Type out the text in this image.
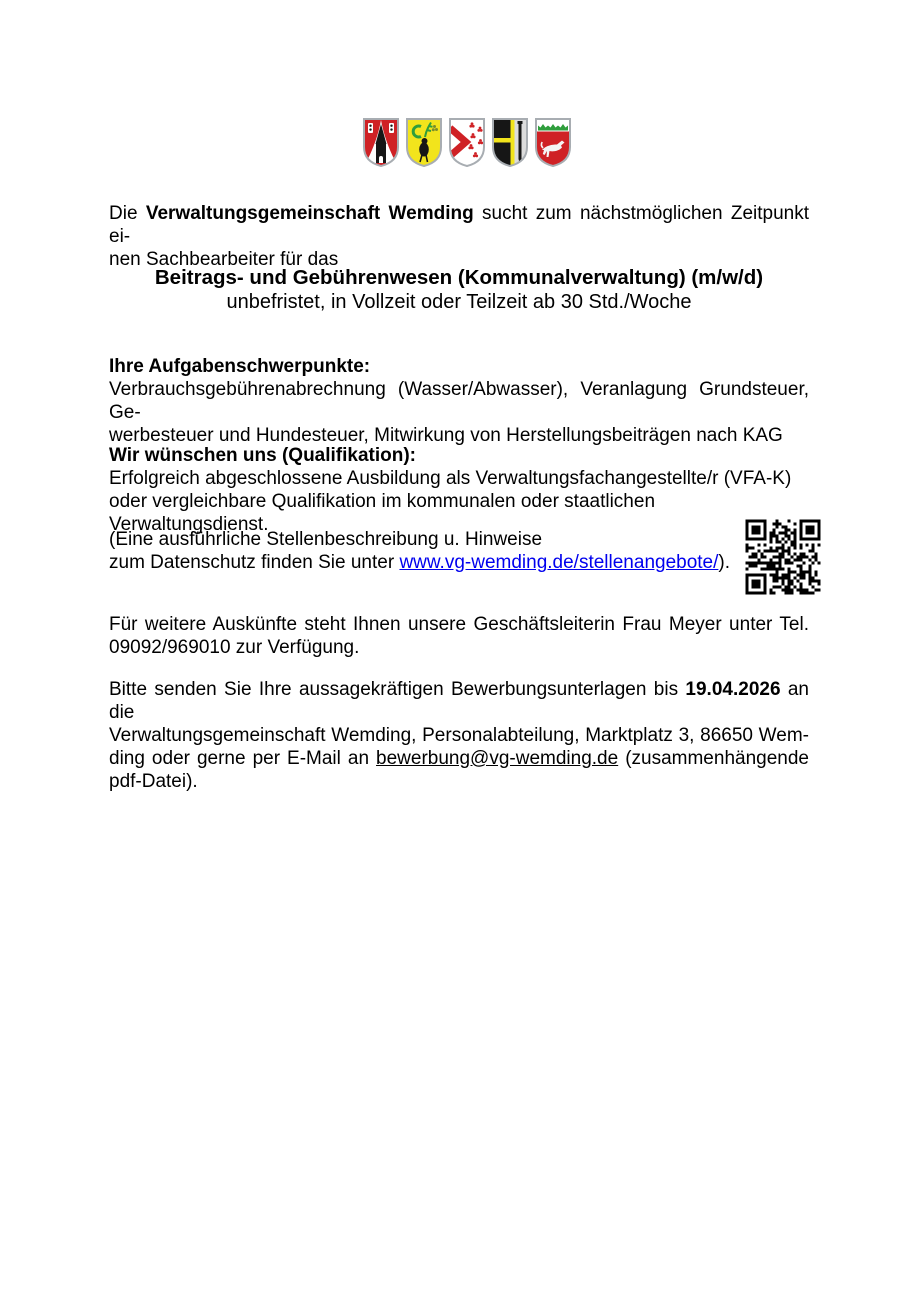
Die Verwaltungsgemeinschaft Wemding sucht zum nächstmöglichen Zeitpunkt ei-
nen Sachbearbeiter für das
Beitrags- und Gebührenwesen (Kommunalverwaltung) (m/w/d)
unbefristet, in Vollzeit oder Teilzeit ab 30 Std./Woche
Ihre Aufgabenschwerpunkte:
Verbrauchsgebührenabrechnung (Wasser/Abwasser), Veranlagung Grundsteuer, Ge-
werbesteuer und Hundesteuer, Mitwirkung von Herstellungsbeiträgen nach KAG
Wir wünschen uns (Qualifikation):
Erfolgreich abgeschlossene Ausbildung als Verwaltungsfachangestellte/r (VFA-K)
oder vergleichbare Qualifikation im kommunalen oder staatlichen Verwaltungsdienst.
(Eine ausführliche Stellenbeschreibung u. Hinweise
zum Datenschutz finden Sie unter www.vg-wemding.de/stellenangebote/).
Für weitere Auskünfte steht Ihnen unsere Geschäftsleiterin Frau Meyer unter Tel.
09092/969010 zur Verfügung.
Bitte senden Sie Ihre aussagekräftigen Bewerbungsunterlagen bis 19.04.2026 an die
Verwaltungsgemeinschaft Wemding, Personalabteilung, Marktplatz 3, 86650 Wem-
ding oder gerne per E-Mail an bewerbung@vg-wemding.de (zusammenhängende
pdf-Datei).
